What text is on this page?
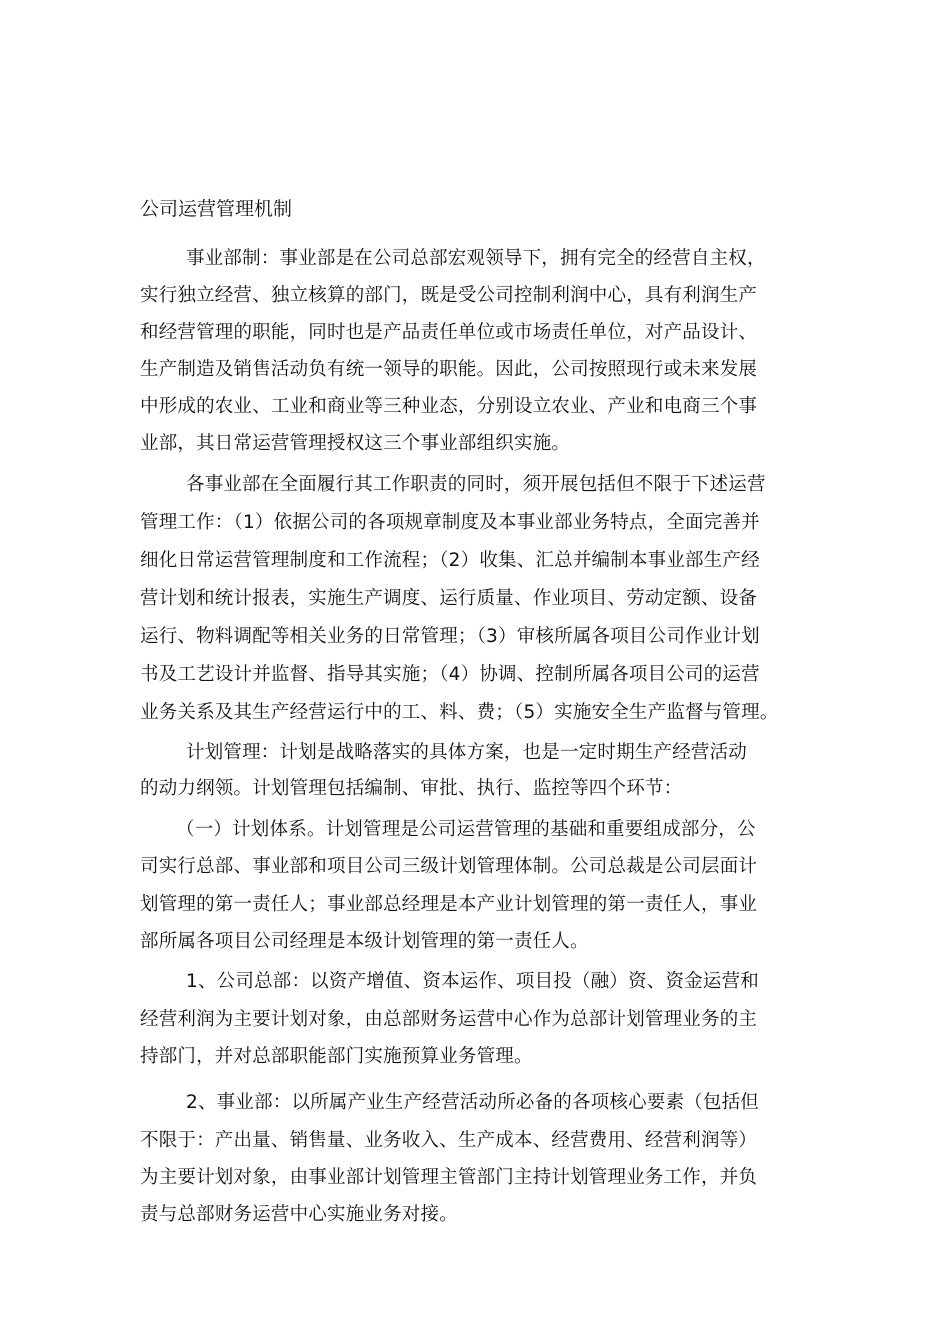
公司运营管理机制
事业部制：事业部是在公司总部宏观领导下，拥有完全的经营自主权，
实行独立经营、独立核算的部门，既是受公司控制利润中心，具有利润生产
和经营管理的职能，同时也是产品责任单位或市场责任单位，对产品设计、
生产制造及销售活动负有统一领导的职能。因此，公司按照现行或未来发展
中形成的农业、工业和商业等三种业态，分别设立农业、产业和电商三个事
业部，其日常运营管理授权这三个事业部组织实施。
各事业部在全面履行其工作职责的同时，须开展包括但不限于下述运营
管理工作：（1）依据公司的各项规章制度及本事业部业务特点，全面完善并
细化日常运营管理制度和工作流程；（2）收集、汇总并编制本事业部生产经
营计划和统计报表，实施生产调度、运行质量、作业项目、劳动定额、设备
运行、物料调配等相关业务的日常管理；（3）审核所属各项目公司作业计划
书及工艺设计并监督、指导其实施；（4）协调、控制所属各项目公司的运营
业务关系及其生产经营运行中的工、料、费；（5）实施安全生产监督与管理。
计划管理：计划是战略落实的具体方案，也是一定时期生产经营活动
的动力纲领。计划管理包括编制、审批、执行、监控等四个环节：
（一）计划体系。计划管理是公司运营管理的基础和重要组成部分，公
司实行总部、事业部和项目公司三级计划管理体制。公司总裁是公司层面计
划管理的第一责任人；事业部总经理是本产业计划管理的第一责任人，事业
部所属各项目公司经理是本级计划管理的第一责任人。
1、公司总部：以资产增值、资本运作、项目投（融）资、资金运营和
经营利润为主要计划对象，由总部财务运营中心作为总部计划管理业务的主
持部门，并对总部职能部门实施预算业务管理。
2、事业部：以所属产业生产经营活动所必备的各项核心要素（包括但
不限于：产出量、销售量、业务收入、生产成本、经营费用、经营利润等）
为主要计划对象，由事业部计划管理主管部门主持计划管理业务工作，并负
责与总部财务运营中心实施业务对接。
